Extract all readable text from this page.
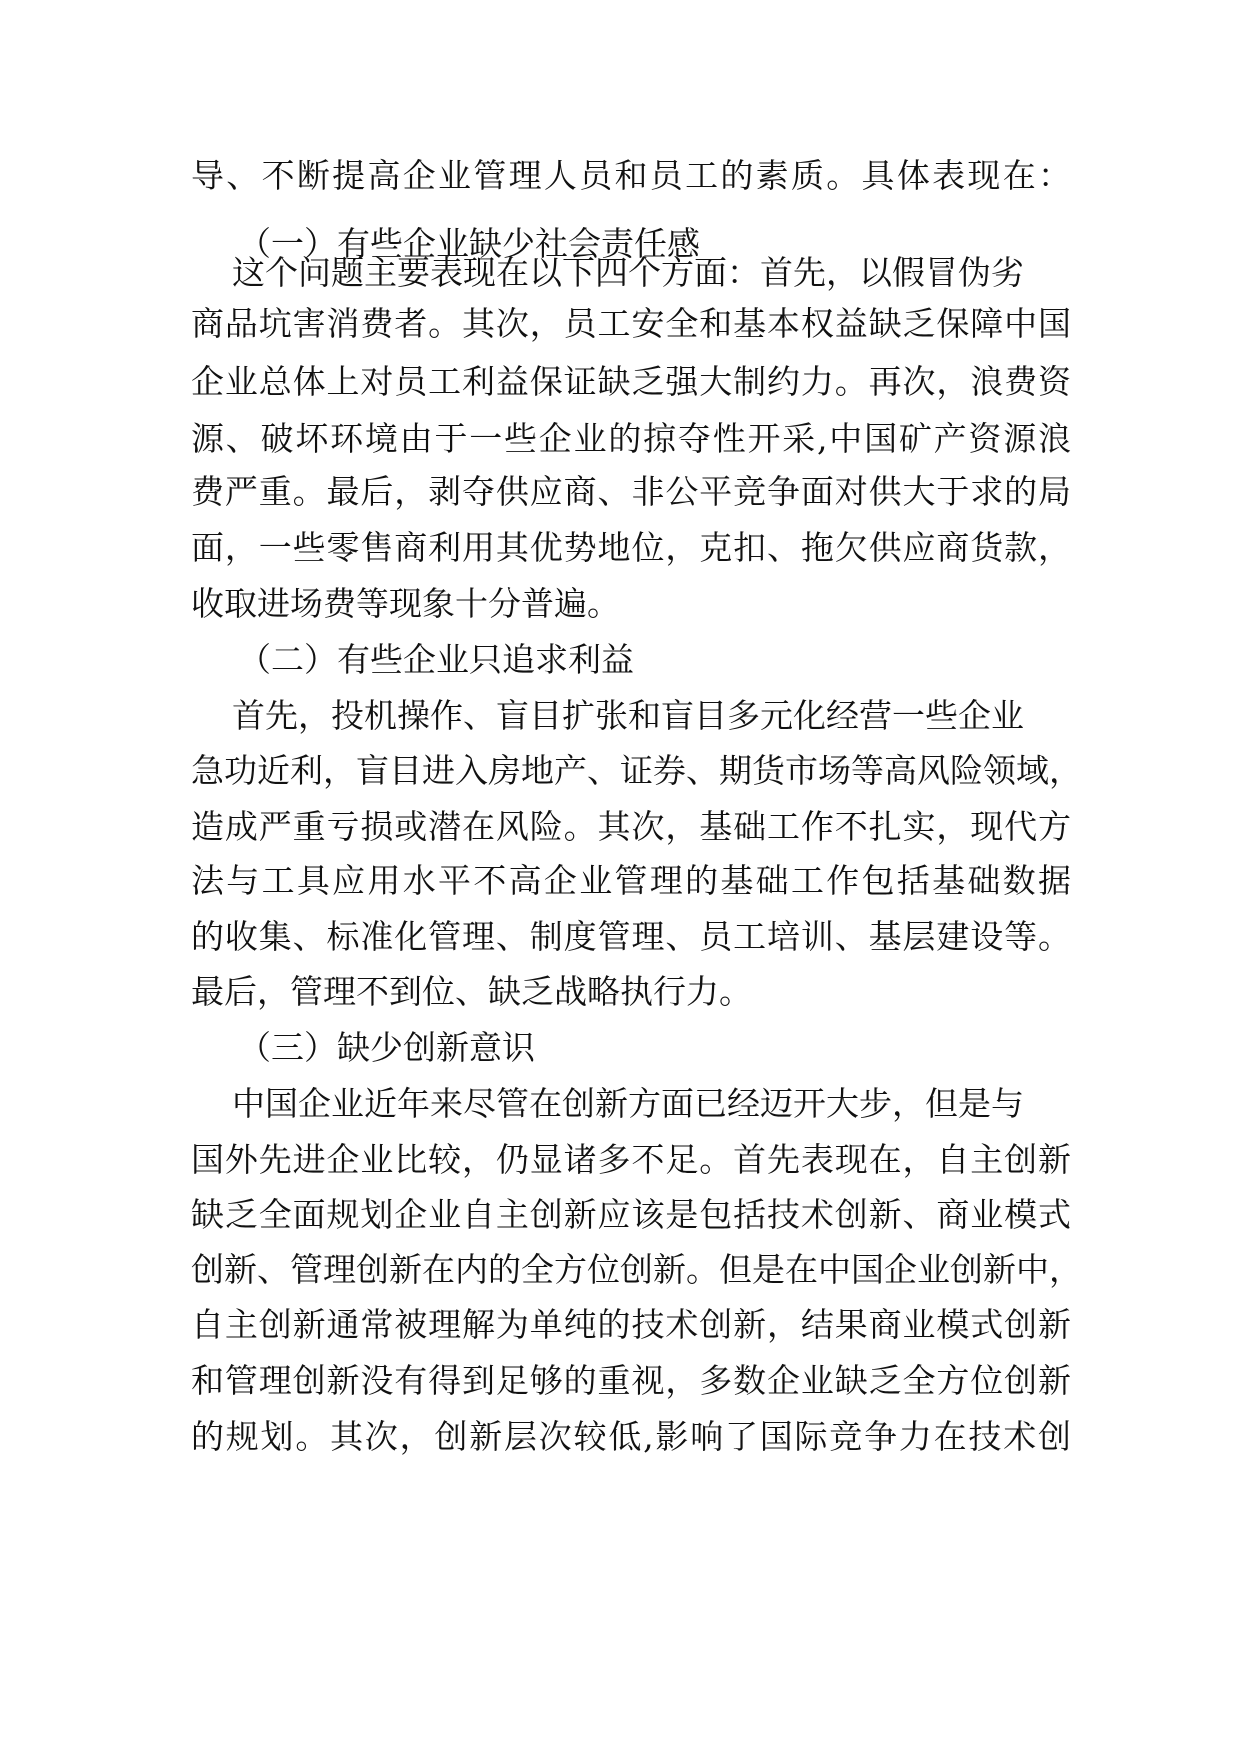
导、不断提高企业管理人员和员工的素质。具体表现在：
（一）有些企业缺少社会责任感
这个问题主要表现在以下四个方面：首先，以假冒伪劣
商品坑害消费者。其次，员工安全和基本权益缺乏保障中国
企业总体上对员工利益保证缺乏强大制约力。再次，浪费资
源、破坏环境由于一些企业的掠夺性开采,中国矿产资源浪
费严重。最后，剥夺供应商、非公平竞争面对供大于求的局
面，一些零售商利用其优势地位，克扣、拖欠供应商货款，
收取进场费等现象十分普遍。
（二）有些企业只追求利益
首先，投机操作、盲目扩张和盲目多元化经营一些企业
急功近利，盲目进入房地产、证券、期货市场等高风险领域，
造成严重亏损或潜在风险。其次，基础工作不扎实，现代方
法与工具应用水平不高企业管理的基础工作包括基础数据
的收集、标准化管理、制度管理、员工培训、基层建设等。
最后，管理不到位、缺乏战略执行力。
（三）缺少创新意识
中国企业近年来尽管在创新方面已经迈开大步，但是与
国外先进企业比较，仍显诸多不足。首先表现在，自主创新
缺乏全面规划企业自主创新应该是包括技术创新、商业模式
创新、管理创新在内的全方位创新。但是在中国企业创新中，
自主创新通常被理解为单纯的技术创新，结果商业模式创新
和管理创新没有得到足够的重视，多数企业缺乏全方位创新
的规划。其次，创新层次较低,影响了国际竞争力在技术创
